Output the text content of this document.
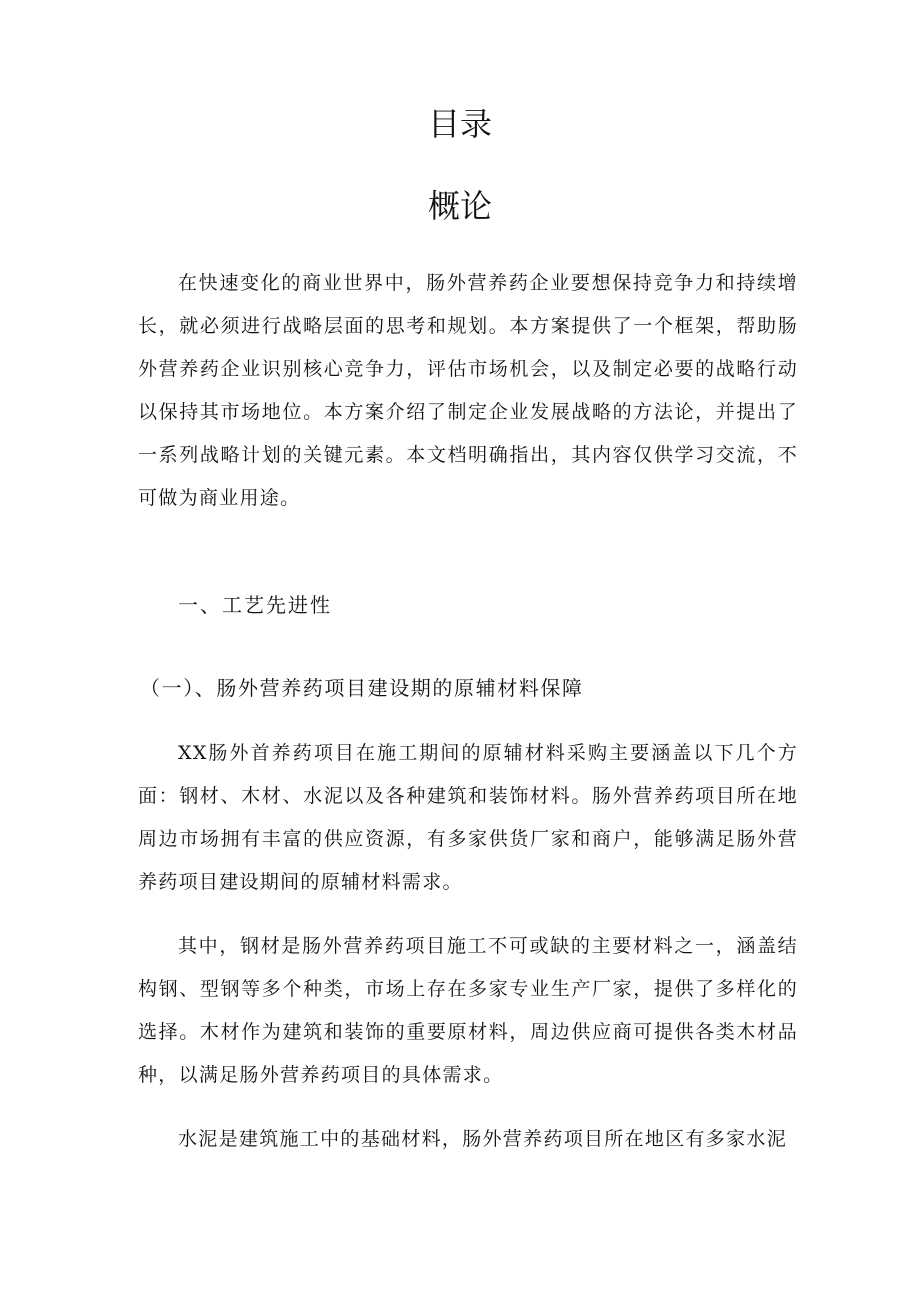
目录
概论

在快速变化的商业世界中，肠外营养药企业要想保持竞争力和持续增长，就必须进行战略层面的思考和规划。本方案提供了一个框架，帮助肠外营养药企业识别核心竞争力，评估市场机会，以及制定必要的战略行动以保持其市场地位。本方案介绍了制定企业发展战略的方法论，并提出了一系列战略计划的关键元素。本文档明确指出，其内容仅供学习交流，不可做为商业用途。

一、工艺先进性
（一）、肠外营养药项目建设期的原辅材料保障

XX肠外首养药项目在施工期间的原辅材料采购主要涵盖以下几个方面：钢材、木材、水泥以及各种建筑和装饰材料。肠外营养药项目所在地周边市场拥有丰富的供应资源，有多家供货厂家和商户，能够满足肠外营养药项目建设期间的原辅材料需求。

其中，钢材是肠外营养药项目施工不可或缺的主要材料之一，涵盖结构钢、型钢等多个种类，市场上存在多家专业生产厂家，提供了多样化的选择。木材作为建筑和装饰的重要原材料，周边供应商可提供各类木材品种，以满足肠外营养药项目的具体需求。

水泥是建筑施工中的基础材料，肠外营养药项目所在地区有多家水泥
